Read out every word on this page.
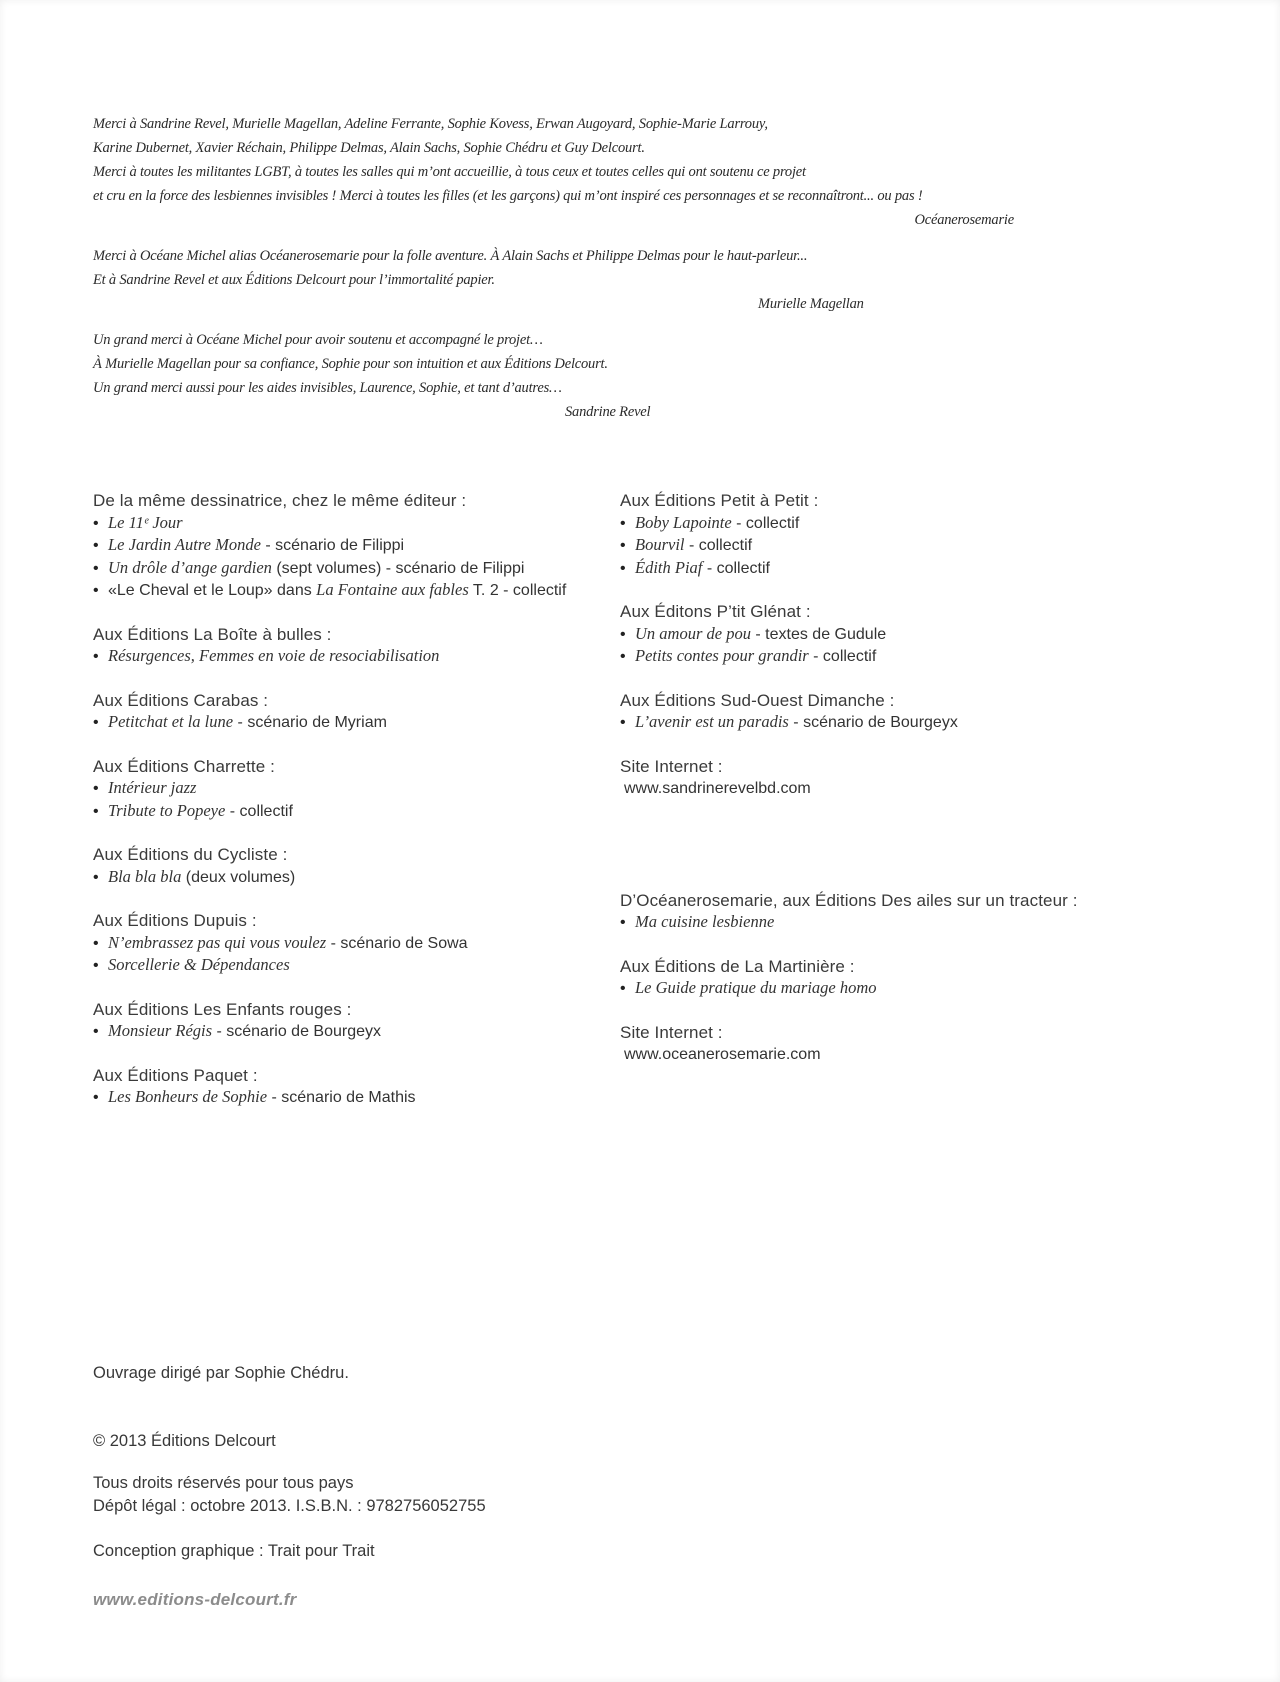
Merci à Sandrine Revel, Murielle Magellan, Adeline Ferrante, Sophie Kovess, Erwan Augoyard, Sophie-Marie Larrouy,
Karine Dubernet, Xavier Réchain, Philippe Delmas, Alain Sachs, Sophie Chédru et Guy Delcourt.
Merci à toutes les militantes LGBT, à toutes les salles qui m’ont accueillie, à tous ceux et toutes celles qui ont soutenu ce projet
et cru en la force des lesbiennes invisibles ! Merci à toutes les filles (et les garçons) qui m’ont inspiré ces personnages et se reconnaîtront... ou pas !
Océanerosemarie
Merci à Océane Michel alias Océanerosemarie pour la folle aventure. À Alain Sachs et Philippe Delmas pour le haut-parleur...
Et à Sandrine Revel et aux Éditions Delcourt pour l’immortalité papier.
Murielle Magellan
Un grand merci à Océane Michel pour avoir soutenu et accompagné le projet…
À Murielle Magellan pour sa confiance, Sophie pour son intuition et aux Éditions Delcourt.
Un grand merci aussi pour les aides invisibles, Laurence, Sophie, et tant d’autres…
Sandrine Revel
De la même dessinatrice, chez le même éditeur :
• Le 11ᵉ Jour
• Le Jardin Autre Monde - scénario de Filippi
• Un drôle d’ange gardien (sept volumes) - scénario de Filippi
• «Le Cheval et le Loup» dans La Fontaine aux fables T. 2 - collectif
Aux Éditions La Boîte à bulles :
• Résurgences, Femmes en voie de resociabilisation
Aux Éditions Carabas :
• Petitchat et la lune - scénario de Myriam
Aux Éditions Charrette :
• Intérieur jazz
• Tribute to Popeye - collectif
Aux Éditions du Cycliste :
• Bla bla bla (deux volumes)
Aux Éditions Dupuis :
• N’embrassez pas qui vous voulez - scénario de Sowa
• Sorcellerie & Dépendances
Aux Éditions Les Enfants rouges :
• Monsieur Régis - scénario de Bourgeyx
Aux Éditions Paquet :
• Les Bonheurs de Sophie - scénario de Mathis
Aux Éditions Petit à Petit :
• Boby Lapointe - collectif
• Bourvil - collectif
• Édith Piaf - collectif
Aux Éditons P’tit Glénat :
• Un amour de pou - textes de Gudule
• Petits contes pour grandir - collectif
Aux Éditions Sud-Ouest Dimanche :
• L’avenir est un paradis - scénario de Bourgeyx
Site Internet :
www.sandrinerevelbd.com
D’Océanerosemarie, aux Éditions Des ailes sur un tracteur :
• Ma cuisine lesbienne
Aux Éditions de La Martinière :
• Le Guide pratique du mariage homo
Site Internet :
www.oceanerosemarie.com
Ouvrage dirigé par Sophie Chédru.
© 2013 Éditions Delcourt
Tous droits réservés pour tous pays
Dépôt légal : octobre 2013. I.S.B.N. : 9782756052755
Conception graphique : Trait pour Trait
www.editions-delcourt.fr
